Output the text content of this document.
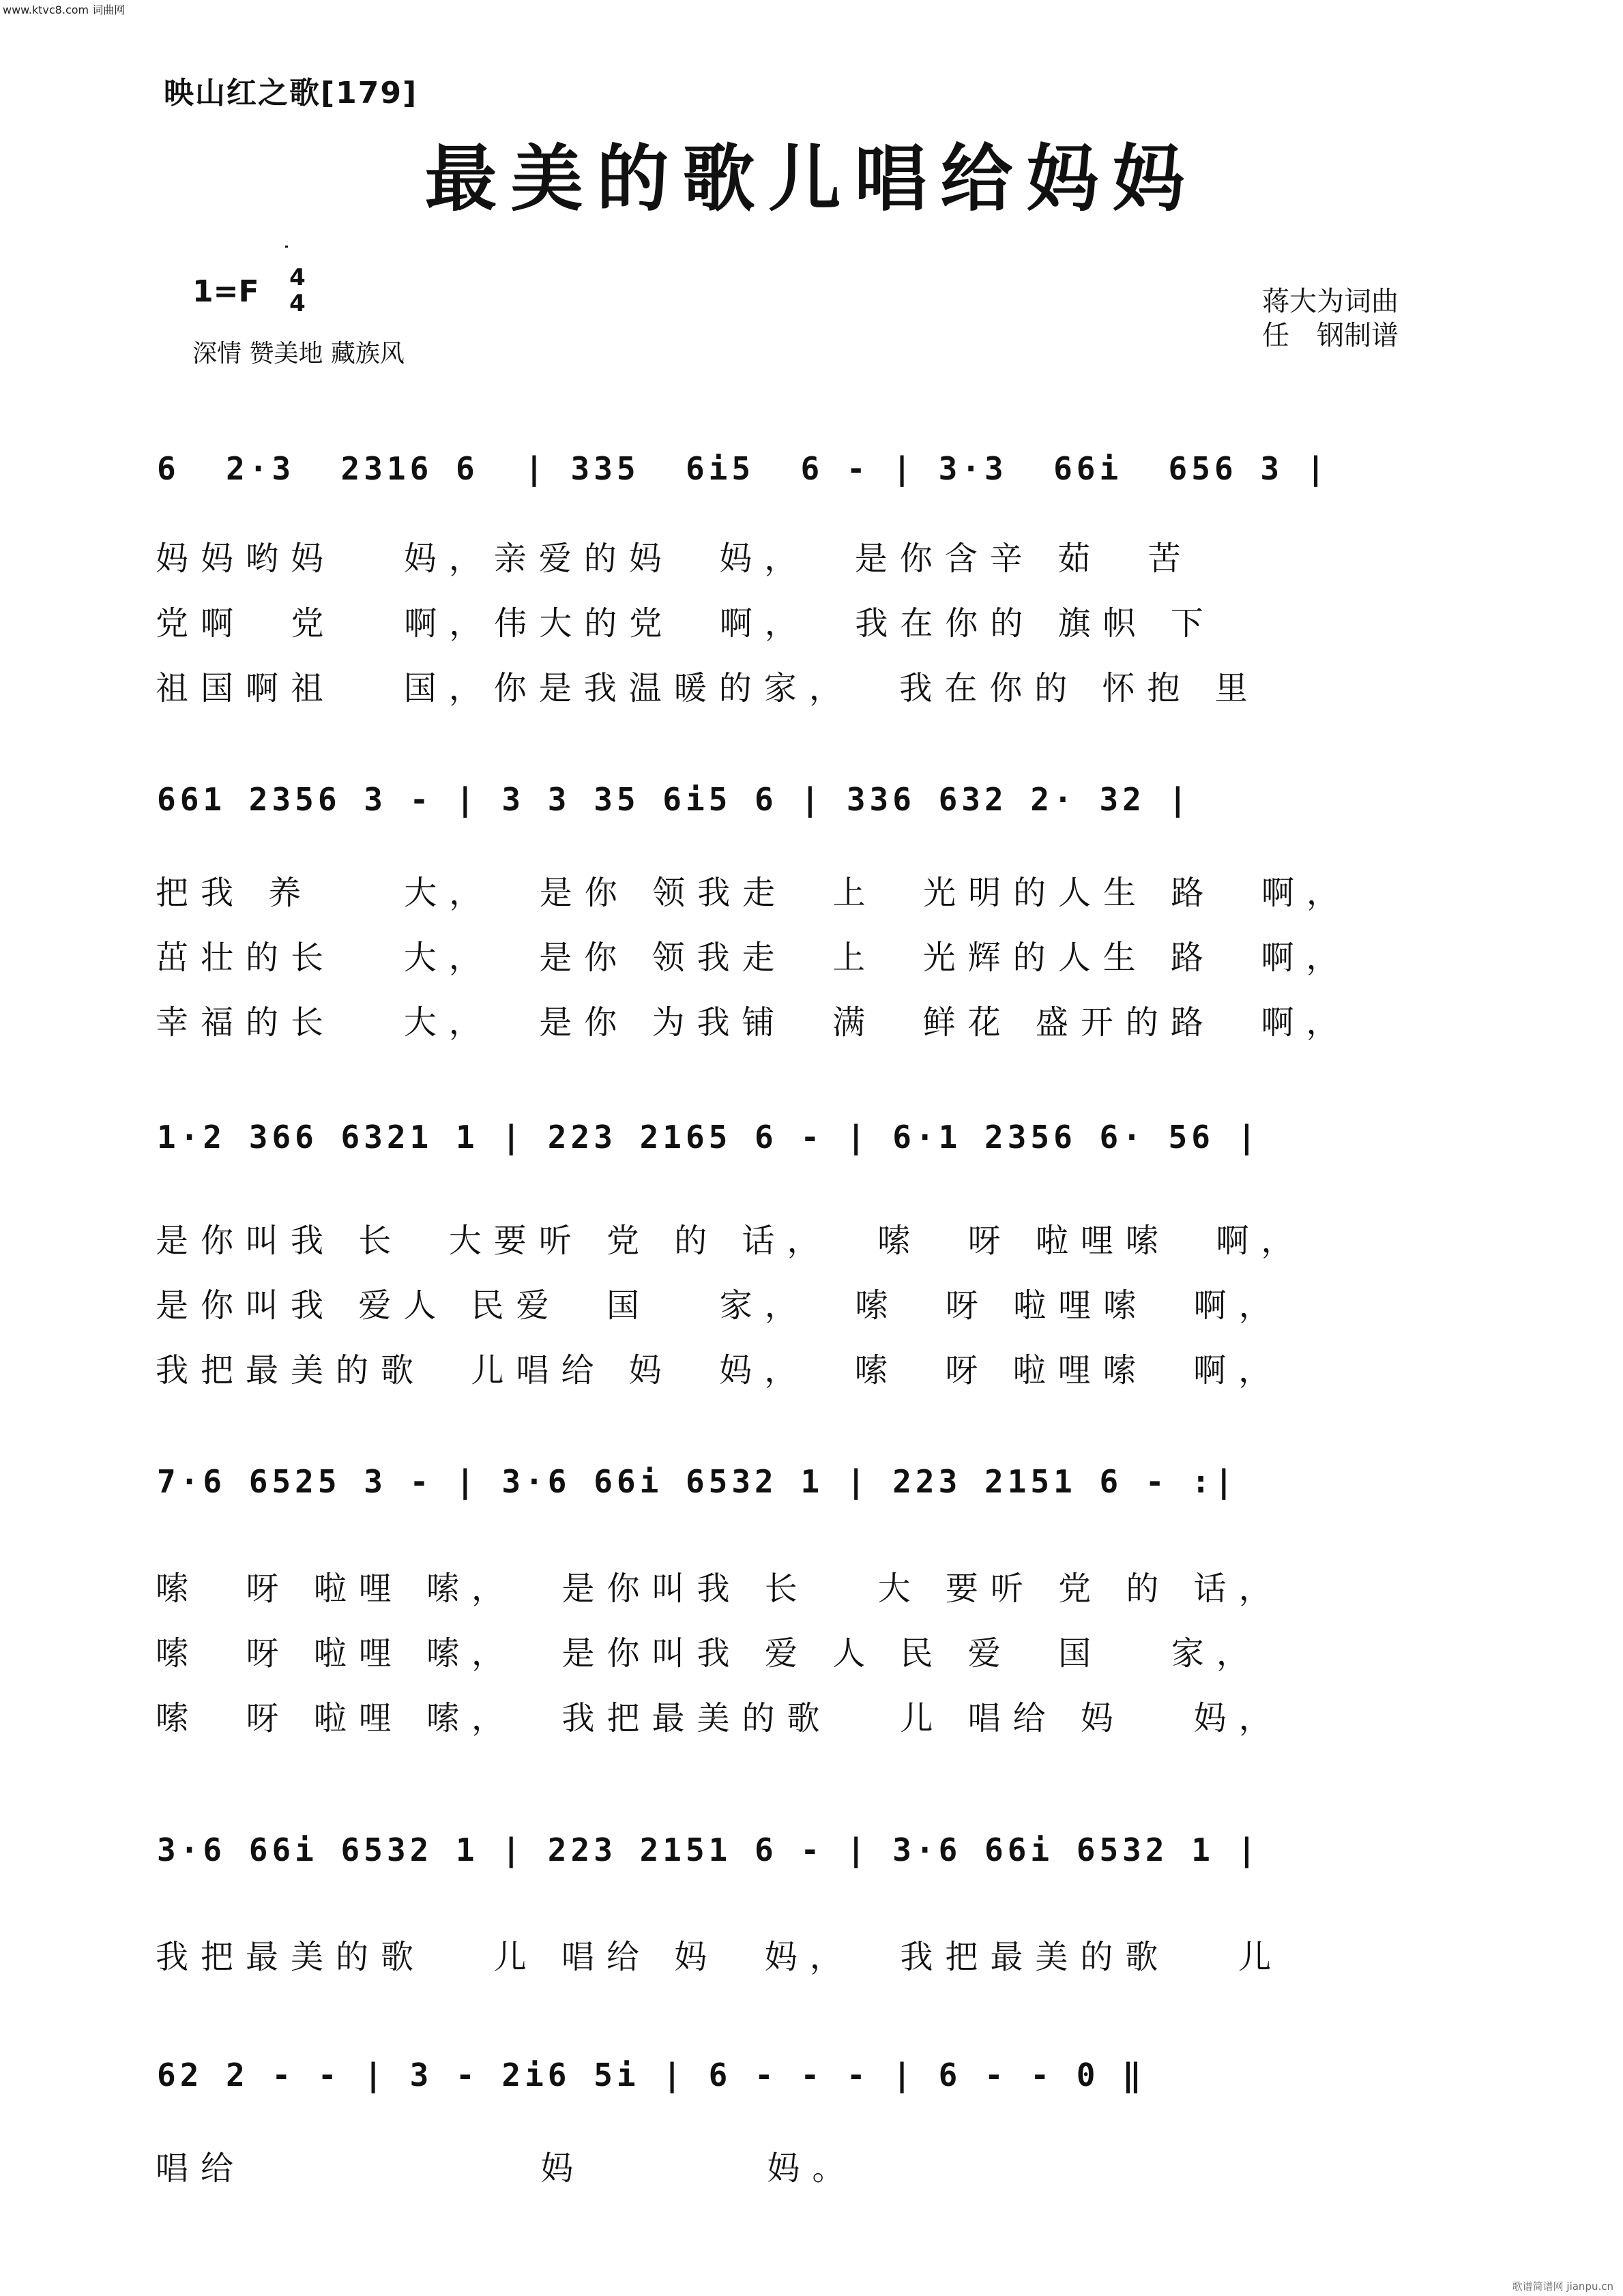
www.ktvc8.com 词曲网
映山红之歌[179]
最美的歌儿唱给妈妈
1=F 4
4
深情 赞美地 藏族风
蒋大为词曲
任　钢制谱
6  2·3  2316 6  | 335  6i5  6 - | 3·3  66i  656 3 |
妈妈哟妈   妈，亲爱的妈  妈，  是你含辛 茹  苦
党啊  党   啊，伟大的党  啊，  我在你的 旗帜 下
祖国啊祖   国，你是我温暖的家，  我在你的 怀抱 里
661 2356 3 - | 3 3 35 6i5 6 | 336 632 2· 32 |
把我 养    大，  是你 领我走  上  光明的人生 路  啊，
茁壮的长   大，  是你 领我走  上  光辉的人生 路  啊，
幸福的长   大，  是你 为我铺  满  鲜花 盛开的路  啊，
1·2 366 6321 1 | 223 2165 6 - | 6·1 2356 6· 56 |
是你叫我 长  大要听 党 的 话，  嗦  呀 啦哩嗦  啊，
是你叫我 爱人 民爱  国   家，  嗦  呀 啦哩嗦  啊，
我把最美的歌  儿唱给 妈  妈，  嗦  呀 啦哩嗦  啊，
7·6 6525 3 - | 3·6 66i 6532 1 | 223 2151 6 - :|
嗦  呀 啦哩 嗦，  是你叫我 长   大 要听 党 的 话，
嗦  呀 啦哩 嗦，  是你叫我 爱 人 民 爱  国   家，
嗦  呀 啦哩 嗦，  我把最美的歌   儿 唱给 妈   妈，
3·6 66i 6532 1 | 223 2151 6 - | 3·6 66i 6532 1 |
我把最美的歌   儿 唱给 妈  妈，  我把最美的歌   儿
62 2 - - | 3 - 2i6 5i | 6 - - - | 6 - - 0 ‖
唱给             妈        妈。
歌谱简谱网 jianpu.cn
